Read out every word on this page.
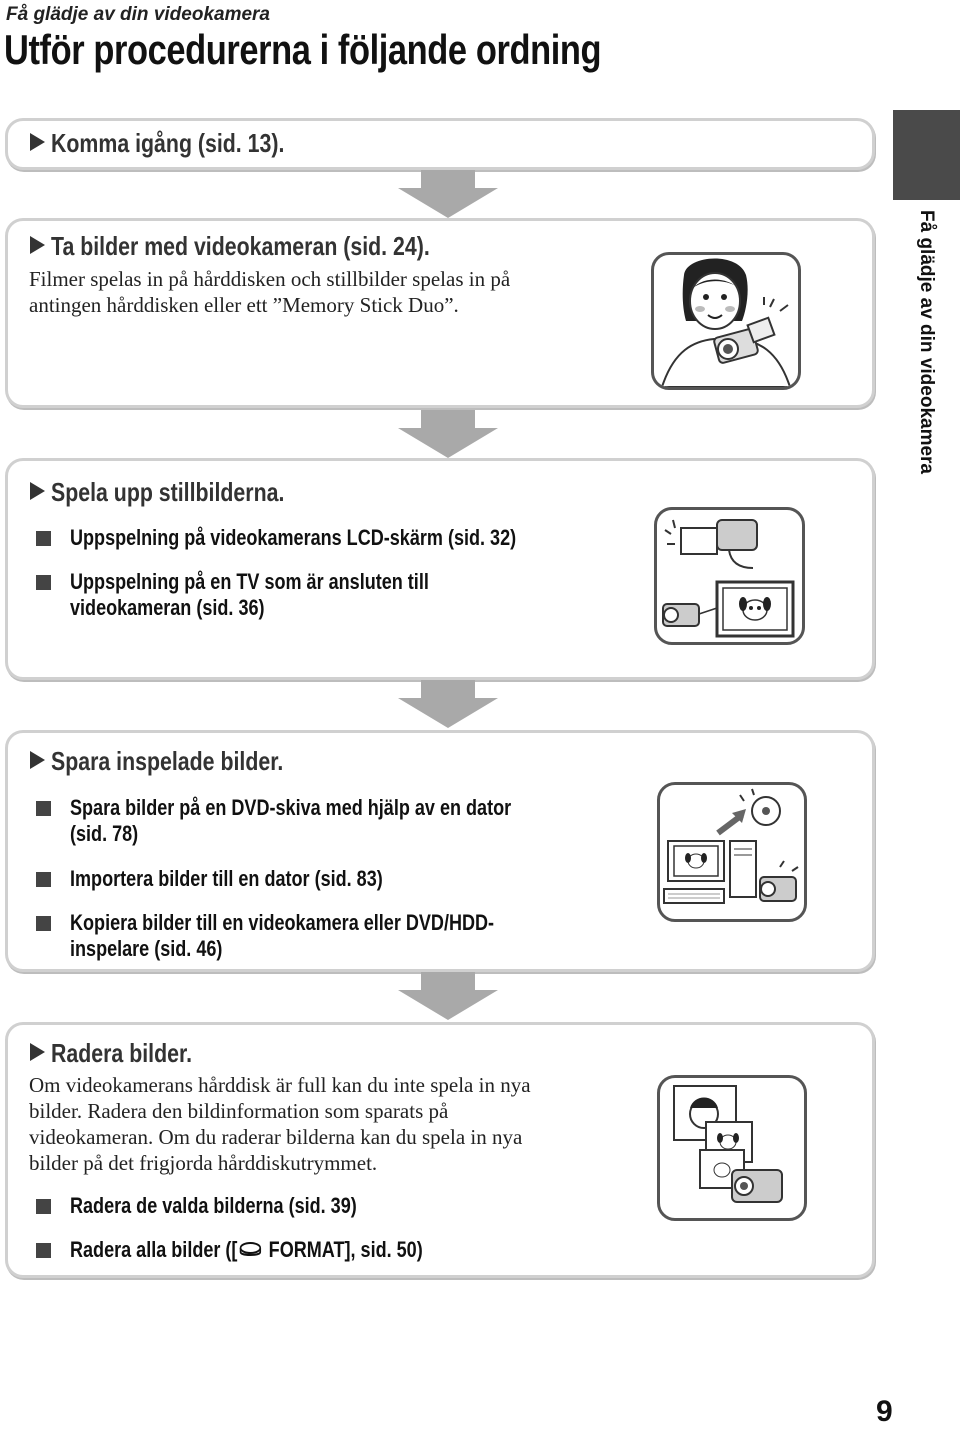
Få glädje av din videokamera
Utför procedurerna i följande ordning
Få glädje av din videokamera
Komma igång (sid. 13).
Ta bilder med videokameran (sid. 24).
Filmer spelas in på hårddisken och stillbilder spelas in på
antingen hårddisken eller ett ”Memory Stick Duo”.
Spela upp stillbilderna.
Uppspelning på videokamerans LCD-skärm (sid. 32)
Uppspelning på en TV som är ansluten till
videokameran (sid. 36)
Spara inspelade bilder.
Spara bilder på en DVD-skiva med hjälp av en dator
(sid. 78)
Importera bilder till en dator (sid. 83)
Kopiera bilder till en videokamera eller DVD/HDD-
inspelare (sid. 46)
Radera bilder.
Om videokamerans hårddisk är full kan du inte spela in nya
bilder. Radera den bildinformation som sparats på
videokameran. Om du raderar bilderna kan du spela in nya
bilder på det frigjorda hårddiskutrymmet.
Radera de valda bilderna (sid. 39)
Radera alla bilder ([ FORMAT], sid. 50)
9
